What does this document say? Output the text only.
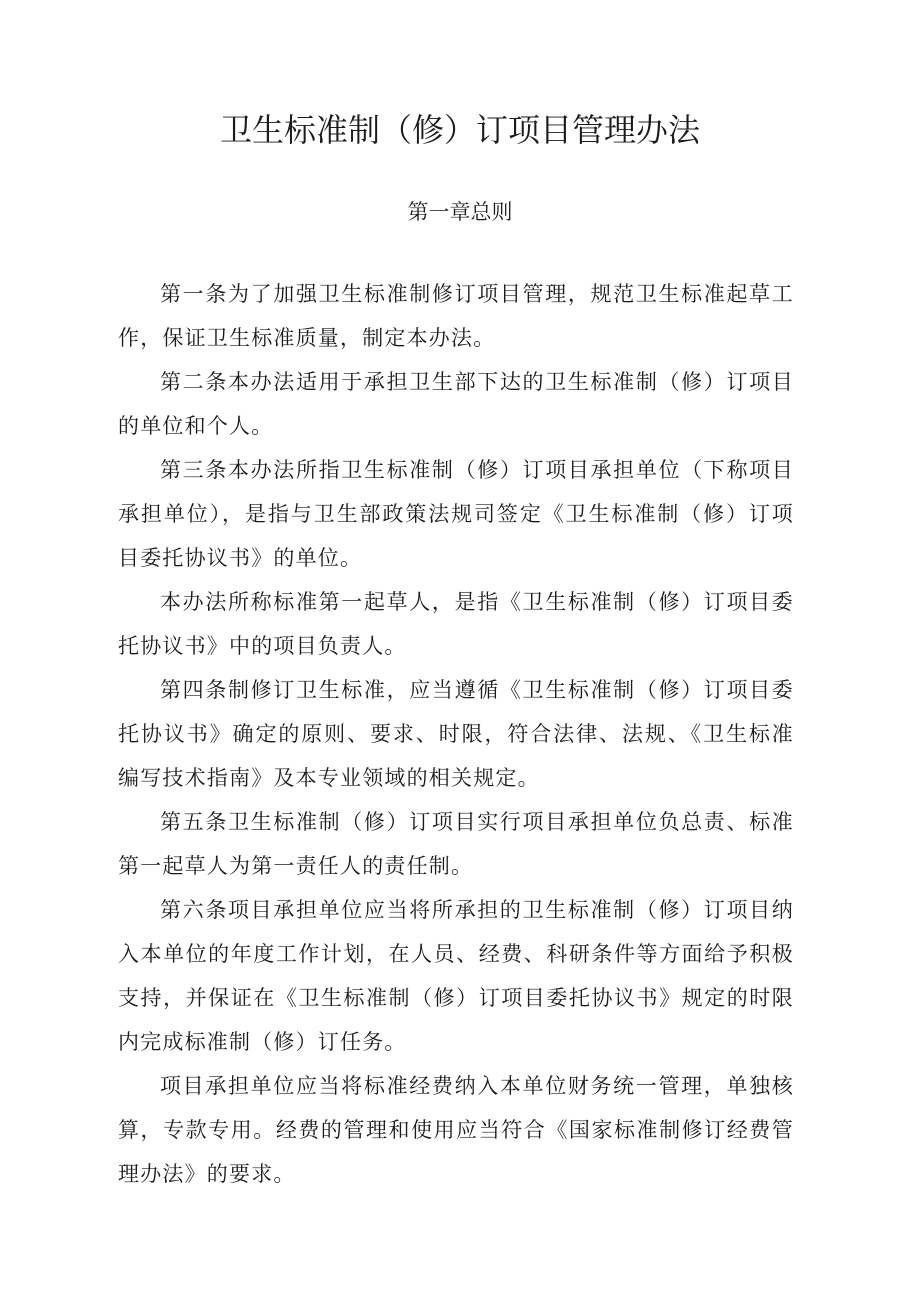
卫生标准制（修）订项目管理办法
第一章总则

第一条为了加强卫生标准制修订项目管理，规范卫生标准起草工作，保证卫生标准质量，制定本办法。

第二条本办法适用于承担卫生部下达的卫生标准制（修）订项目的单位和个人。

第三条本办法所指卫生标准制（修）订项目承担单位（下称项目承担单位），是指与卫生部政策法规司签定《卫生标准制（修）订项目委托协议书》的单位。

本办法所称标准第一起草人，是指《卫生标准制（修）订项目委托协议书》中的项目负责人。

第四条制修订卫生标准，应当遵循《卫生标准制（修）订项目委托协议书》确定的原则、要求、时限，符合法律、法规、《卫生标准编写技术指南》及本专业领域的相关规定。

第五条卫生标准制（修）订项目实行项目承担单位负总责、标准第一起草人为第一责任人的责任制。

第六条项目承担单位应当将所承担的卫生标准制（修）订项目纳入本单位的年度工作计划，在人员、经费、科研条件等方面给予积极支持，并保证在《卫生标准制（修）订项目委托协议书》规定的时限内完成标准制（修）订任务。

项目承担单位应当将标准经费纳入本单位财务统一管理，单独核算，专款专用。经费的管理和使用应当符合《国家标准制修订经费管理办法》的要求。
